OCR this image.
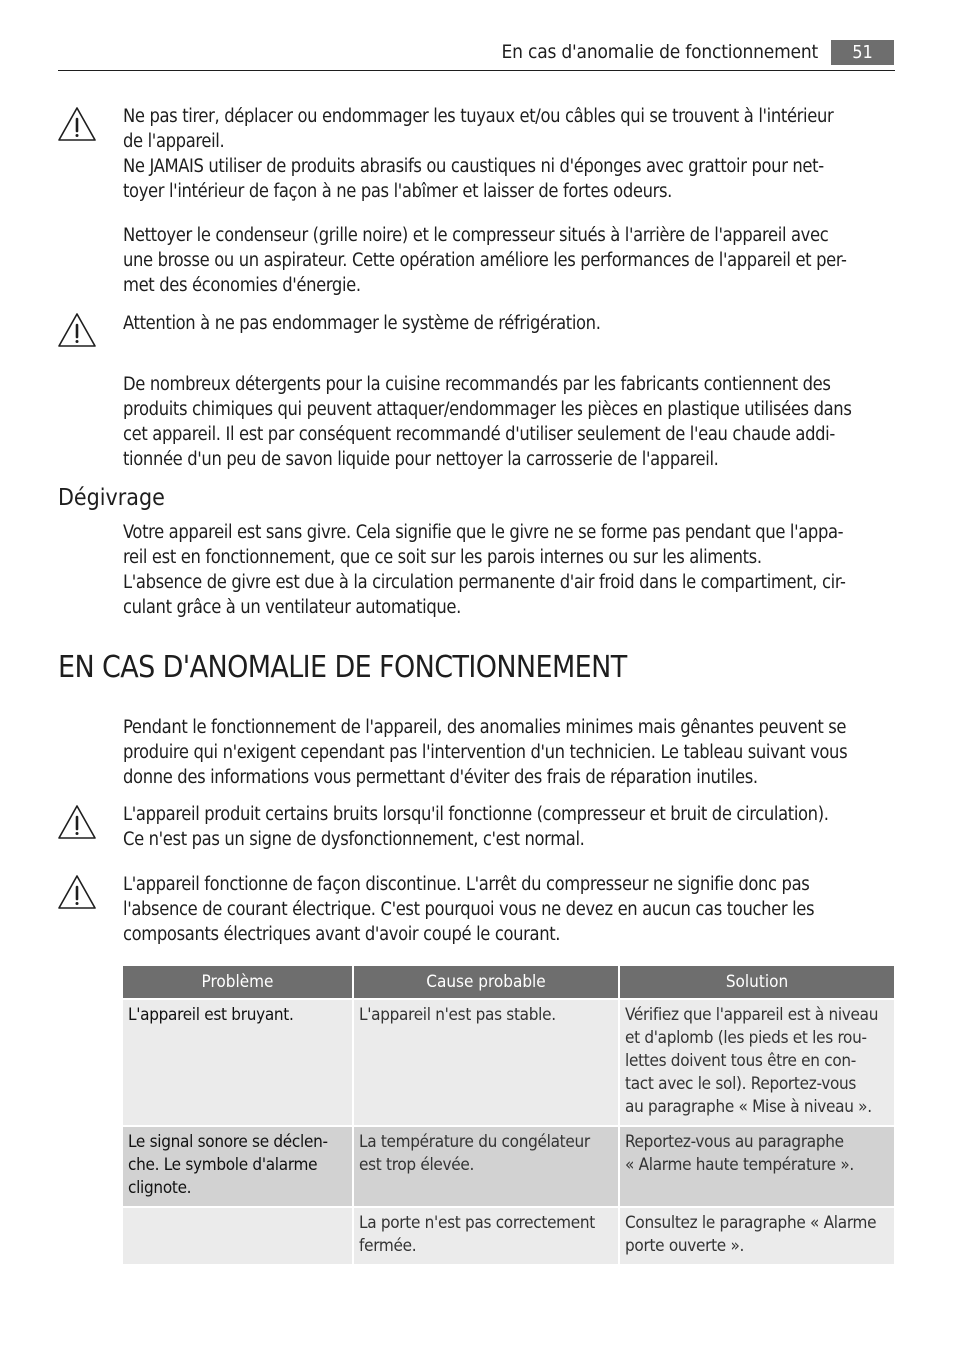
En cas d'anomalie de fonctionnement	51
Ne pas tirer, déplacer ou endommager les tuyaux et/ou câbles qui se trouvent à l'intérieur
de l'appareil.
Ne JAMAIS utiliser de produits abrasifs ou caustiques ni d'éponges avec grattoir pour net-
toyer l'intérieur de façon à ne pas l'abîmer et laisser de fortes odeurs.
Nettoyer le condenseur (grille noire) et le compresseur situés à l'arrière de l'appareil avec
une brosse ou un aspirateur. Cette opération améliore les performances de l'appareil et per-
met des économies d'énergie.
Attention à ne pas endommager le système de réfrigération.
De nombreux détergents pour la cuisine recommandés par les fabricants contiennent des
produits chimiques qui peuvent attaquer/endommager les pièces en plastique utilisées dans
cet appareil. Il est par conséquent recommandé d'utiliser seulement de l'eau chaude addi-
tionnée d'un peu de savon liquide pour nettoyer la carrosserie de l'appareil.
Dégivrage
Votre appareil est sans givre. Cela signifie que le givre ne se forme pas pendant que l'appa-
reil est en fonctionnement, que ce soit sur les parois internes ou sur les aliments.
L'absence de givre est due à la circulation permanente d'air froid dans le compartiment, cir-
culant grâce à un ventilateur automatique.
EN CAS D'ANOMALIE DE FONCTIONNEMENT
Pendant le fonctionnement de l'appareil, des anomalies minimes mais gênantes peuvent se
produire qui n'exigent cependant pas l'intervention d'un technicien. Le tableau suivant vous
donne des informations vous permettant d'éviter des frais de réparation inutiles.
L'appareil produit certains bruits lorsqu'il fonctionne (compresseur et bruit de circulation).
Ce n'est pas un signe de dysfonctionnement, c'est normal.
L'appareil fonctionne de façon discontinue. L'arrêt du compresseur ne signifie donc pas
l'absence de courant électrique. C'est pourquoi vous ne devez en aucun cas toucher les
composants électriques avant d'avoir coupé le courant.
Problème	Cause probable	Solution

L'appareil est bruyant.	L'appareil n'est pas stable.	Vérifiez que l'appareil est à niveau
et d'aplomb (les pieds et les rou-
lettes doivent tous être en con-
tact avec le sol). Reportez-vous
au paragraphe « Mise à niveau ».

Le signal sonore se déclen-
che. Le symbole d'alarme
clignote.	La température du congélateur
est trop élevée.	Reportez-vous au paragraphe
« Alarme haute température ».

	La porte n'est pas correctement
fermée.	Consultez le paragraphe « Alarme
porte ouverte ».
